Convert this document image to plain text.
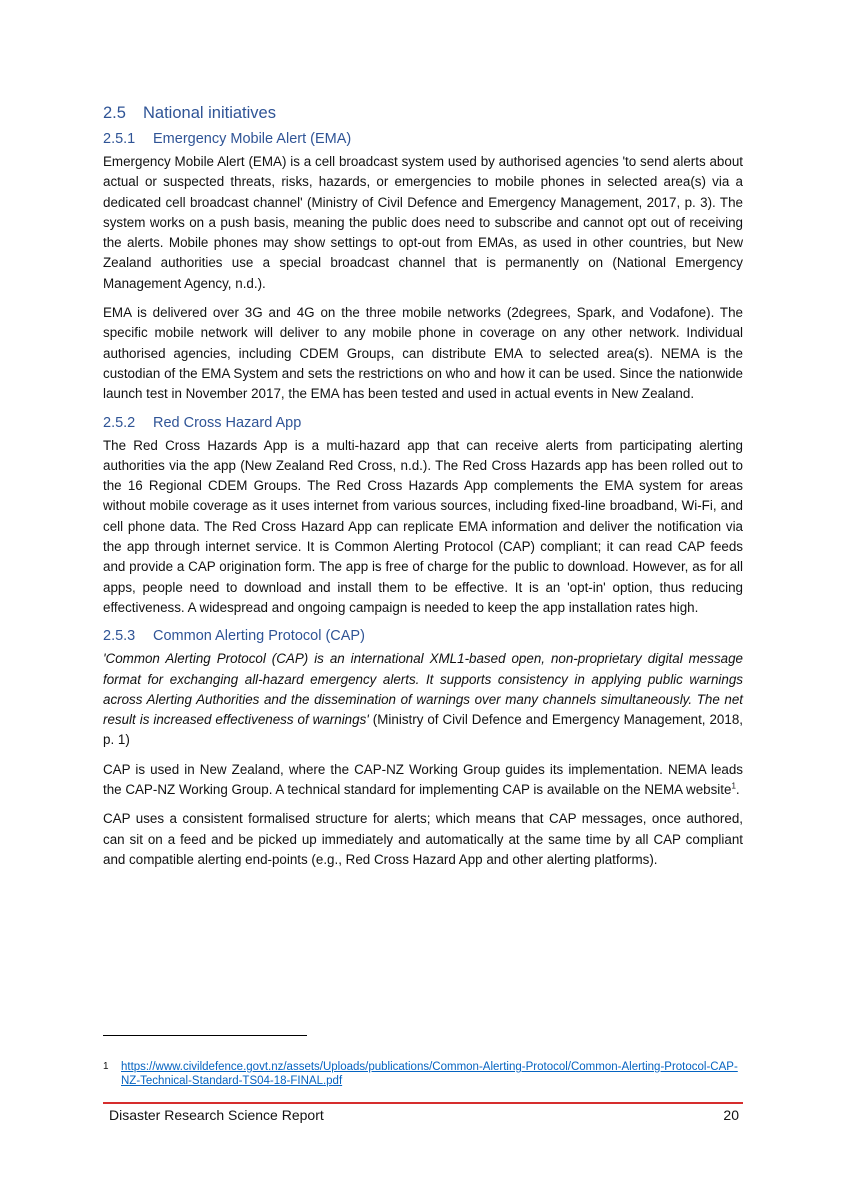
2.5 National initiatives
2.5.1 Emergency Mobile Alert (EMA)

Emergency Mobile Alert (EMA) is a cell broadcast system used by authorised agencies 'to send alerts about actual or suspected threats, risks, hazards, or emergencies to mobile phones in selected area(s) via a dedicated cell broadcast channel' (Ministry of Civil Defence and Emergency Management, 2017, p. 3). The system works on a push basis, meaning the public does need to subscribe and cannot opt out of receiving the alerts. Mobile phones may show settings to opt-out from EMAs, as used in other countries, but New Zealand authorities use a special broadcast channel that is permanently on (National Emergency Management Agency, n.d.).

EMA is delivered over 3G and 4G on the three mobile networks (2degrees, Spark, and Vodafone). The specific mobile network will deliver to any mobile phone in coverage on any other network. Individual authorised agencies, including CDEM Groups, can distribute EMA to selected area(s). NEMA is the custodian of the EMA System and sets the restrictions on who and how it can be used. Since the nationwide launch test in November 2017, the EMA has been tested and used in actual events in New Zealand.

2.5.2 Red Cross Hazard App

The Red Cross Hazards App is a multi-hazard app that can receive alerts from participating alerting authorities via the app (New Zealand Red Cross, n.d.). The Red Cross Hazards app has been rolled out to the 16 Regional CDEM Groups. The Red Cross Hazards App complements the EMA system for areas without mobile coverage as it uses internet from various sources, including fixed-line broadband, Wi-Fi, and cell phone data. The Red Cross Hazard App can replicate EMA information and deliver the notification via the app through internet service. It is Common Alerting Protocol (CAP) compliant; it can read CAP feeds and provide a CAP origination form. The app is free of charge for the public to download. However, as for all apps, people need to download and install them to be effective. It is an 'opt-in' option, thus reducing effectiveness. A widespread and ongoing campaign is needed to keep the app installation rates high.

2.5.3 Common Alerting Protocol (CAP)

'Common Alerting Protocol (CAP) is an international XML1-based open, non-proprietary digital message format for exchanging all-hazard emergency alerts. It supports consistency in applying public warnings across Alerting Authorities and the dissemination of warnings over many channels simultaneously. The net result is increased effectiveness of warnings' (Ministry of Civil Defence and Emergency Management, 2018, p. 1)

CAP is used in New Zealand, where the CAP-NZ Working Group guides its implementation. NEMA leads the CAP-NZ Working Group. A technical standard for implementing CAP is available on the NEMA website$^1$.

CAP uses a consistent formalised structure for alerts; which means that CAP messages, once authored, can sit on a feed and be picked up immediately and automatically at the same time by all CAP compliant and compatible alerting end-points (e.g., Red Cross Hazard App and other alerting platforms).

1 https://www.civildefence.govt.nz/assets/Uploads/publications/Common-Alerting-Protocol/Common-Alerting-Protocol-CAP-NZ-Technical-Standard-TS04-18-FINAL.pdf
Disaster Research Science Report	20
